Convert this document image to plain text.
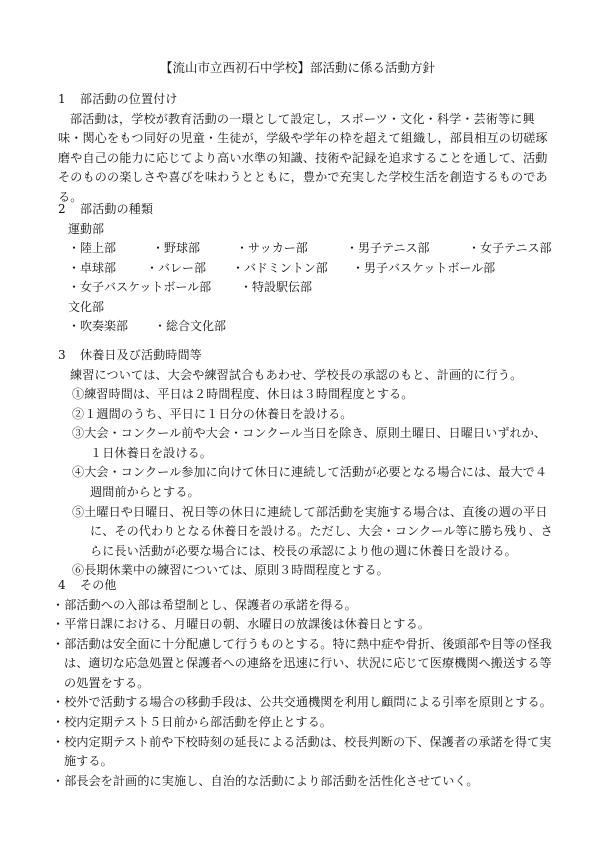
【流山市立西初石中学校】部活動に係る活動方針
1 部活動の位置付け
部活動は，学校が教育活動の一環として設定し，スポーツ・文化・科学・芸術等に興味・関心をもつ同好の児童・生徒が，学級や学年の枠を超えて組織し，部員相互の切磋琢磨や自己の能力に応じてより高い水準の知識、技術や記録を追求することを通して、活動そのものの楽しさや喜びを味わうとともに，豊かで充実した学校生活を創造するものである。
2 部活動の種類
運動部
・陸上部	・野球部	・サッカー部	・男子テニス部	・女子テニス部
・卓球部	・バレー部	・バドミントン部	・男子バスケットボール部
・女子バスケットボール部	・特設駅伝部
文化部
・吹奏楽部	・総合文化部
3 休養日及び活動時間等
練習については、大会や練習試合もあわせ、学校長の承認のもと、計画的に行う。
①練習時間は、平日は２時間程度、休日は３時間程度とする。
②１週間のうち、平日に１日分の休養日を設ける。
③大会・コンクール前や大会・コンクール当日を除き、原則土曜日、日曜日いずれか、１日休養日を設ける。
④大会・コンクール参加に向けて休日に連続して活動が必要となる場合には、最大で４週間前からとする。
⑤土曜日や日曜日、祝日等の休日に連続して部活動を実施する場合は、直後の週の平日に、その代わりとなる休養日を設ける。ただし、大会・コンクール等に勝ち残り、さらに長い活動が必要な場合には、校長の承認により他の週に休養日を設ける。
⑥長期休業中の練習については、原則３時間程度とする。
4 その他
・部活動への入部は希望制とし、保護者の承諾を得る。
・平常日課における、月曜日の朝、水曜日の放課後は休養日とする。
・部活動は安全面に十分配慮して行うものとする。特に熱中症や骨折、後頭部や目等の怪我は、適切な応急処置と保護者への連絡を迅速に行い、状況に応じて医療機関へ搬送する等の処置をする。
・校外で活動する場合の移動手段は、公共交通機関を利用し顧問による引率を原則とする。
・校内定期テスト５日前から部活動を停止とする。
・校内定期テスト前や下校時刻の延長による活動は、校長判断の下、保護者の承諾を得て実施する。
・部長会を計画的に実施し、自治的な活動により部活動を活性化させていく。
